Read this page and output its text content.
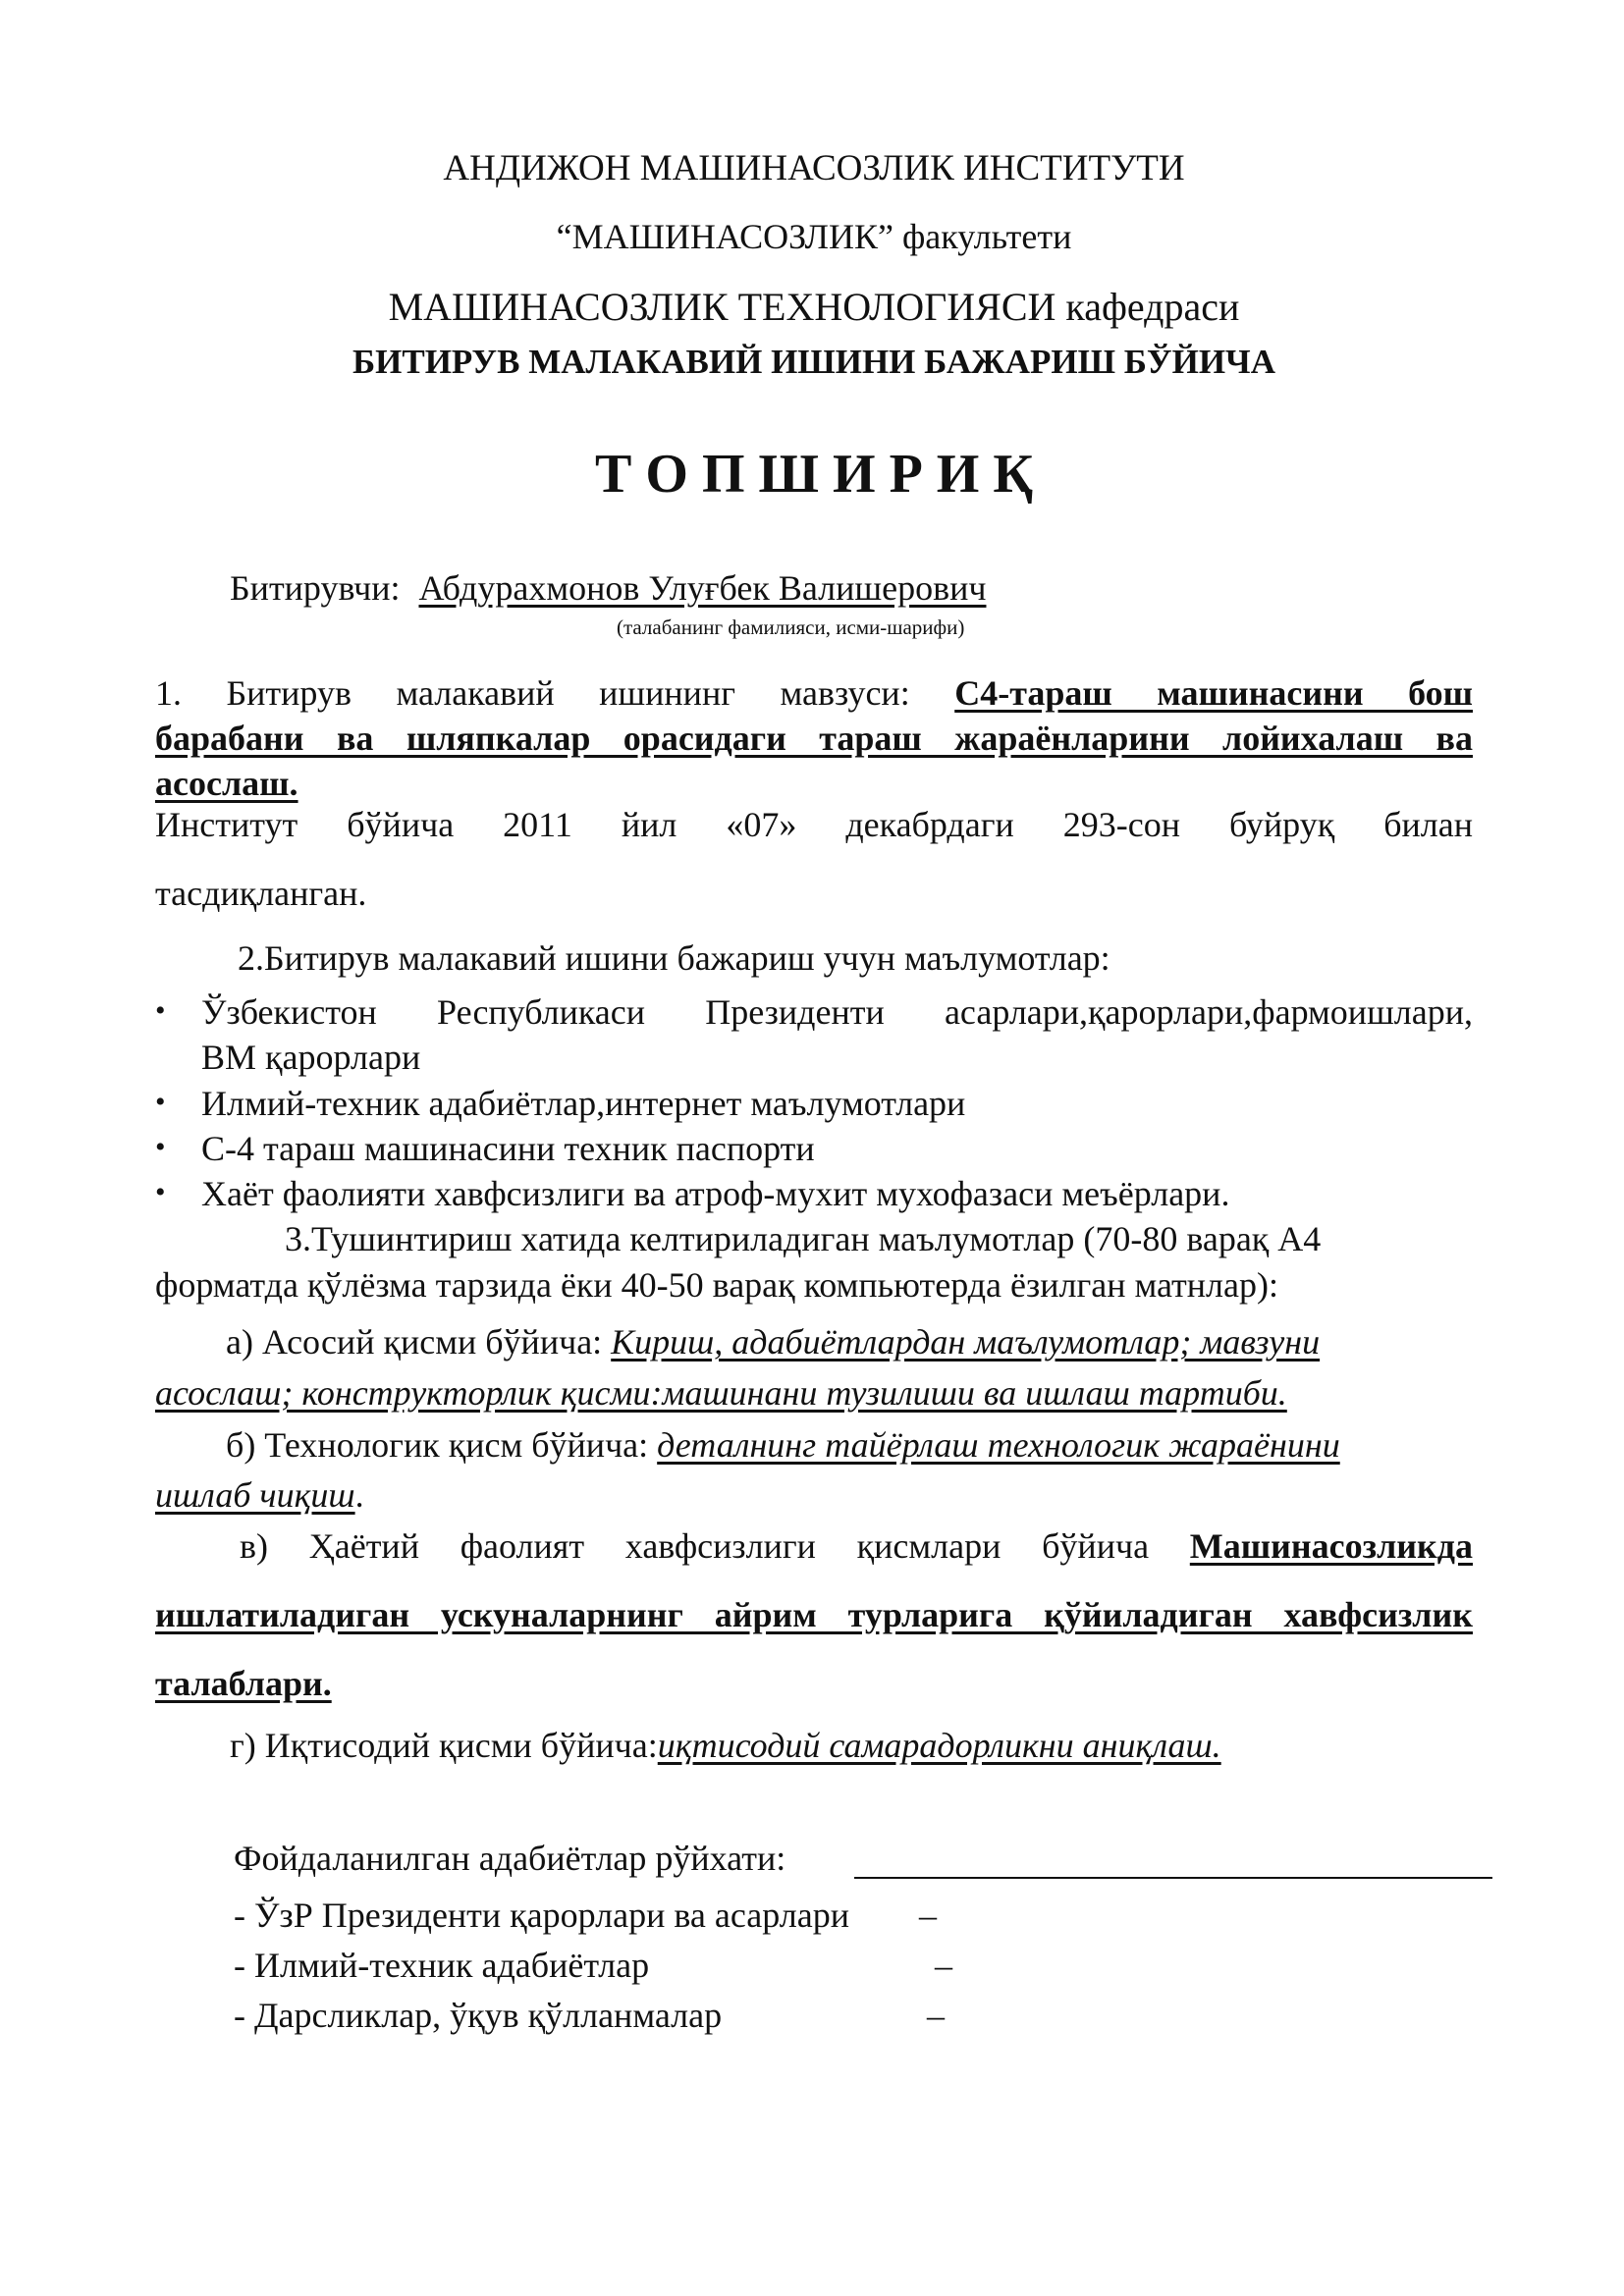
АНДИЖОН МАШИНАСОЗЛИК ИНСТИТУТИ
“МАШИНАСОЗЛИК” факультети
МАШИНАСОЗЛИК ТЕХНОЛОГИЯСИ кафедраси
БИТИРУВ МАЛАКАВИЙ ИШИНИ БАЖАРИШ БЎЙИЧА
Т О П Ш И Р И Қ
Битирувчи: Абдурахмонов Улуғбек Валишерович
(талабанинг фамилияси, исми-шарифи)
1. Битирув малакавий ишининг мавзуси: С4-тараш машинасини бош
барабани ва шляпкалар орасидаги тараш жараёнларини лойихалаш ва
асослаш.
Институт бўйича 2011 йил «07» декабрдаги 293-сон буйруқ билан
тасдиқланган.
2.Битирув малакавий ишини бажариш учун маълумотлар:
• Ўзбекистон Республикаси Президенти асарлари,қарорлари,фармоишлари,
ВМ қарорлари
• Илмий-техник адабиётлар,интернет маълумотлари
• С-4 тараш машинасини техник паспорти
• Хаёт фаолияти хавфсизлиги ва атроф-мухит мухофазаси меъёрлари.
3.Тушинтириш хатида келтириладиган маълумотлар (70-80 варақ А4
форматда қўлёзма тарзида ёки 40-50 варақ компьютерда ёзилган матнлар):
а) Асосий қисми бўйича: Кириш, адабиётлардан маълумотлар; мавзуни
асослаш; конструкторлик қисми:машинани тузилиши ва ишлаш тартиби.
б) Технологик қисм бўйича: деталнинг тайёрлаш технологик жараёнини
ишлаб чиқиш.
в) Ҳаётий фаолият хавфсизлиги қисмлари бўйича Машинасозликда
ишлатиладиган ускуналарнинг айрим турларига қўйиладиган хавфсизлик
талаблари.
г) Иқтисодий қисми бўйича:иқтисодий самарадорликни аниқлаш.
Фойдаланилган адабиётлар рўйхати:
- ЎзР Президенти қарорлари ва асарлари	–
- Илмий-техник адабиётлар	–
- Дарсликлар, ўқув қўлланмалар	–
